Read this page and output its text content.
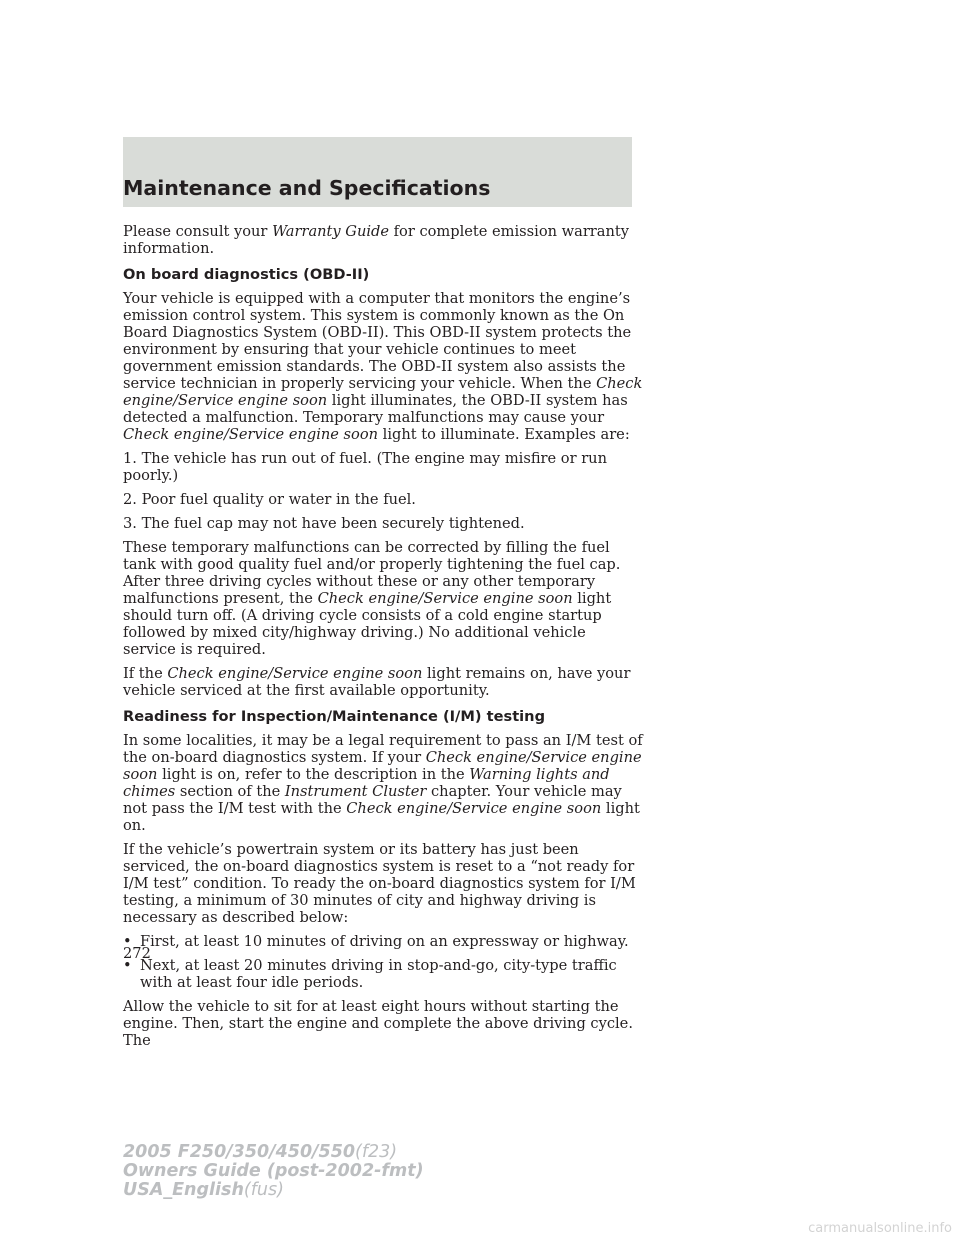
Maintenance and Specifications

Please consult your Warranty Guide for complete emission warranty information.

On board diagnostics (OBD-II)

Your vehicle is equipped with a computer that monitors the engine’s emission control system. This system is commonly known as the On Board Diagnostics System (OBD-II). This OBD-II system protects the environment by ensuring that your vehicle continues to meet government emission standards. The OBD-II system also assists the service technician in properly servicing your vehicle. When the Check engine/Service engine soon light illuminates, the OBD-II system has detected a malfunction. Temporary malfunctions may cause your Check engine/Service engine soon light to illuminate. Examples are:

1. The vehicle has run out of fuel. (The engine may misfire or run poorly.)

2. Poor fuel quality or water in the fuel.

3. The fuel cap may not have been securely tightened.

These temporary malfunctions can be corrected by filling the fuel tank with good quality fuel and/or properly tightening the fuel cap. After three driving cycles without these or any other temporary malfunctions present, the Check engine/Service engine soon light should turn off. (A driving cycle consists of a cold engine startup followed by mixed city/highway driving.) No additional vehicle service is required.

If the Check engine/Service engine soon light remains on, have your vehicle serviced at the first available opportunity.

Readiness for Inspection/Maintenance (I/M) testing

In some localities, it may be a legal requirement to pass an I/M test of the on-board diagnostics system. If your Check engine/Service engine soon light is on, refer to the description in the Warning lights and chimes section of the Instrument Cluster chapter. Your vehicle may not pass the I/M test with the Check engine/Service engine soon light on.

If the vehicle’s powertrain system or its battery has just been serviced, the on-board diagnostics system is reset to a “not ready for I/M test” condition. To ready the on-board diagnostics system for I/M testing, a minimum of 30 minutes of city and highway driving is necessary as described below:

• First, at least 10 minutes of driving on an expressway or highway.
• Next, at least 20 minutes driving in stop-and-go, city-type traffic with at least four idle periods.

Allow the vehicle to sit for at least eight hours without starting the engine. Then, start the engine and complete the above driving cycle. The

272
2005 F250/350/450/550(f23)
Owners Guide (post-2002-fmt)
USA_English(fus)
carmanualsonline.info
